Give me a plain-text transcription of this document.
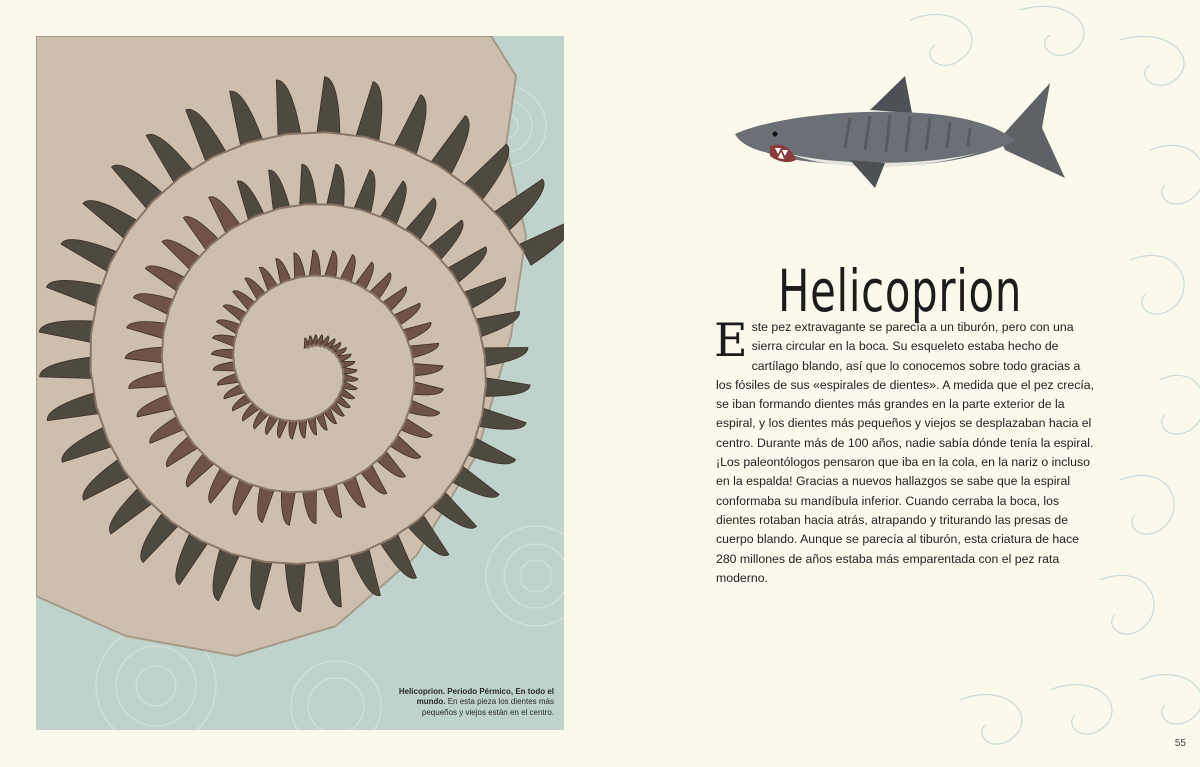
Helicoprion. Periodo Pérmico, En todo el mundo. En esta pieza los dientes más pequeños y viejos están en el centro.
Helicoprion
E ste pez extravagante se parecía a un tiburón, pero con una sierra circular en la boca. Su esqueleto estaba hecho de cartílago blando, así que lo conocemos sobre todo gracias a los fósiles de sus «espirales de dientes». A medida que el pez crecía, se iban formando dientes más grandes en la parte exterior de la espiral, y los dientes más pequeños y viejos se desplazaban hacia el centro. Durante más de 100 años, nadie sabía dónde tenía la espiral. ¡Los paleontólogos pensaron que iba en la cola, en la nariz o incluso en la espalda! Gracias a nuevos hallazgos se sabe que la espiral conformaba su mandíbula inferior. Cuando cerraba la boca, los dientes rotaban hacia atrás, atrapando y triturando las presas de cuerpo blando. Aunque se parecía al tiburón, esta criatura de hace 280 millones de años estaba más emparentada con el pez rata moderno.

55
